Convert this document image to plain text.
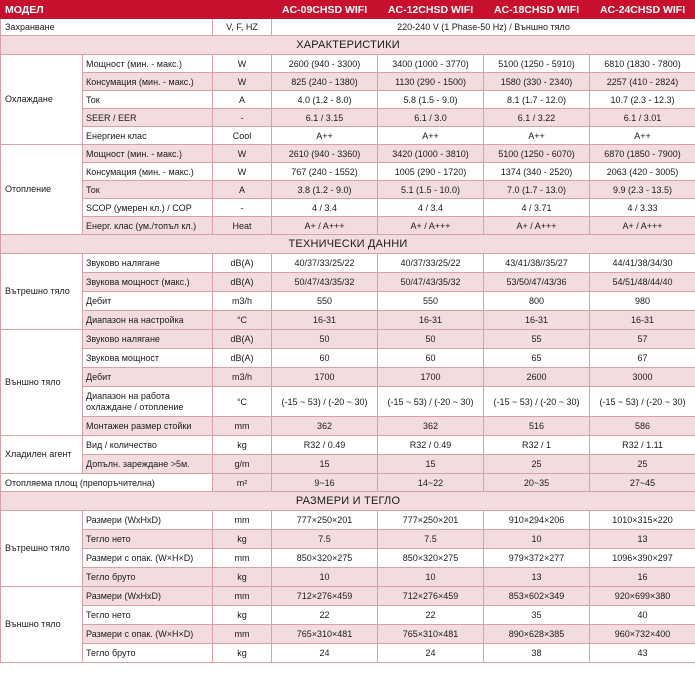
МОДЕЛ			AC-09CHSD WIFI	AC-12CHSD WIFI	AC-18CHSD WIFI	AC-24CHSD WIFI
Захранване		V, F, HZ	220-240 V (1 Phase-50 Hz) / Външно тяло			
ХАРАКТЕРИСТИКИ						
Охлаждане	Мощност (мин. - макс.)	W	2600 (940 - 3300)	3400 (1000 - 3770)	5100 (1250 - 5910)	6810 (1830 - 7800)
	Консумация (мин. - макс.)	W	825 (240 - 1380)	1130 (290 - 1500)	1580 (330 - 2340)	2257 (410 - 2824)
	Ток	A	4.0 (1.2 - 8.0)	5.8 (1.5 - 9.0)	8.1 (1.7 - 12.0)	10.7 (2.3 - 12.3)
	SEER / EER	-	6.1 / 3.15	6.1 / 3.0	6.1 / 3.22	6.1 / 3.01
	Енергиен клас	Cool	A++	A++	A++	A++
Отопление	Мощност (мин. - макс.)	W	2610 (940 - 3360)	3420 (1000 - 3810)	5100 (1250 - 6070)	6870 (1850 - 7900)
	Консумация (мин. - макс.)	W	767 (240 - 1552)	1005 (290 - 1720)	1374 (340 - 2520)	2063 (420 - 3005)
	Ток	A	3.8 (1.2 - 9.0)	5.1 (1.5 - 10.0)	7.0 (1.7 - 13.0)	9.9 (2.3 - 13.5)
	SCOP (умерен кл.) / COP	-	4 / 3.4	4 / 3.4	4 / 3.71	4 / 3.33
	Енерг. клас (ум./топъл кл.)	Heat	A+ / A+++	A+ / A+++	A+ / A+++	A+ / A+++
ТЕХНИЧЕСКИ ДАННИ						
Вътрешно тяло	Звуково налягане	dB(A)	40/37/33/25/22	40/37/33/25/22	43/41/38//35/27	44/41/38/34/30
	Звукова мощност (макс.)	dB(A)	50/47/43/35/32	50/47/43/35/32	53/50/47/43/36	54/51/48/44/40
	Дебит	m3/h	550	550	800	980
	Диапазон на настройка	°C	16-31	16-31	16-31	16-31
Външно тяло	Звуково налягане	dB(A)	50	50	55	57
	Звукова мощност	dB(A)	60	60	65	67
	Дебит	m3/h	1700	1700	2600	3000
	Диапазон на работа охлаждане / отопление	°C	(-15 ~ 53) / (-20 ~ 30)	(-15 ~ 53) / (-20 ~ 30)	(-15 ~ 53) / (-20 ~ 30)	(-15 ~ 53) / (-20 ~ 30)
	Монтажен размер стойки	mm	362	362	516	586
Хладилен агент	Вид / количество	kg	R32 / 0.49	R32 / 0.49	R32 / 1	R32 / 1.11
	Допълн. зареждане >5м.	g/m	15	15	25	25
Отопляема площ (препоръчителна)		m²	9~16	14~22	20~35	27~45
РАЗМЕРИ И ТЕГЛО						
Вътрешно тяло	Размери (WxHxD)	mm	777×250×201	777×250×201	910×294×206	1010×315×220
	Тегло нето	kg	7.5	7.5	10	13
	Размери с опак. (W×H×D)	mm	850×320×275	850×320×275	979×372×277	1096×390×297
	Тегло бруто	kg	10	10	13	16
Външно тяло	Размери (WxHxD)	mm	712×276×459	712×276×459	853×602×349	920×699×380
	Тегло нето	kg	22	22	35	40
	Размери с опак. (W×H×D)	mm	765×310×481	765×310×481	890×628×385	960×732×400
	Тегло бруто	kg	24	24	38	43
